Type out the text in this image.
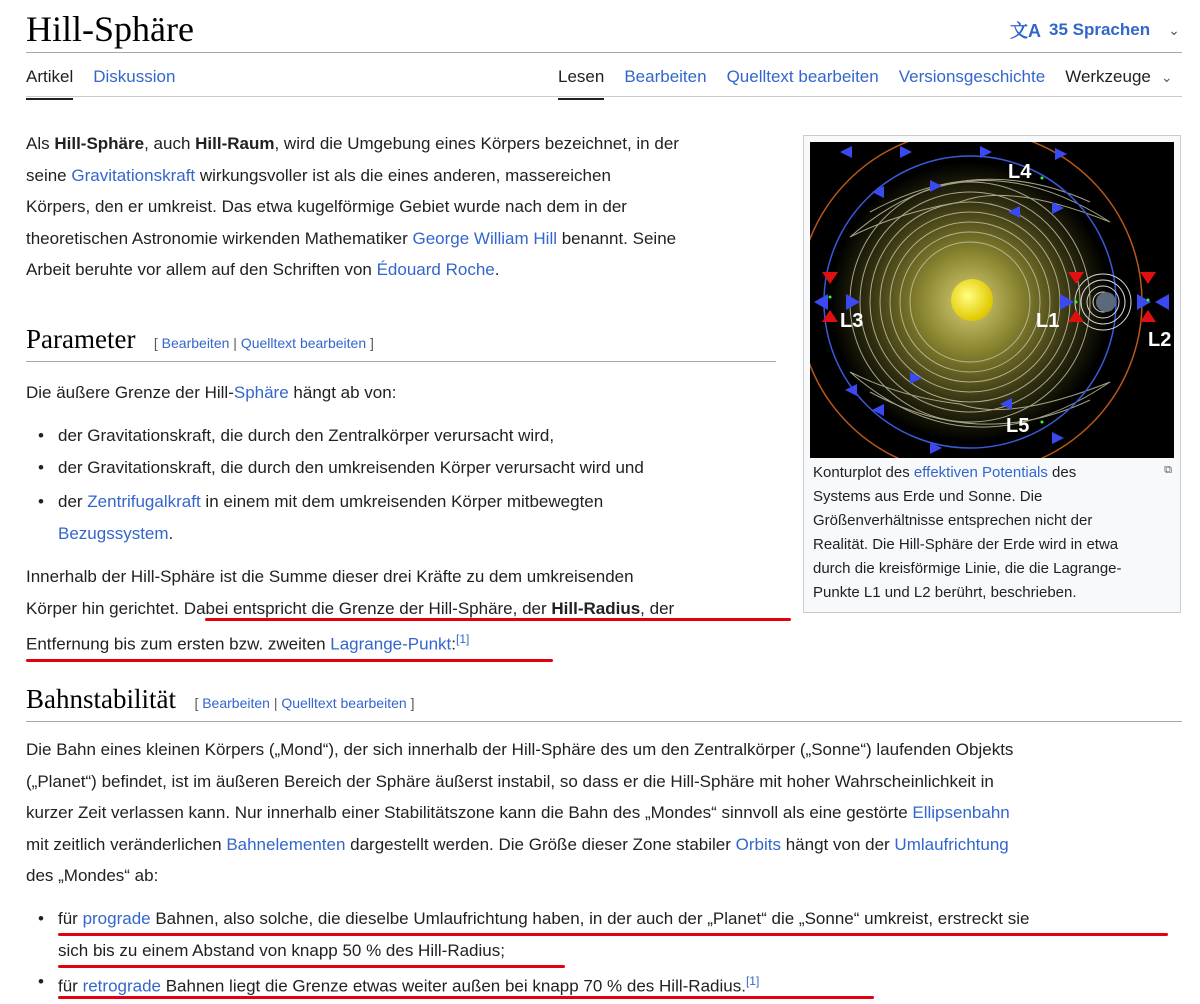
Hill-Sphäre	文A 35 Sprachen ⌄
Artikel Diskussion	Lesen Bearbeiten Quelltext bearbeiten Versionsgeschichte Werkzeuge ⌄
Als Hill-Sphäre, auch Hill-Raum, wird die Umgebung eines Körpers bezeichnet, in der
seine Gravitationskraft wirkungsvoller ist als die eines anderen, massereichen
Körpers, den er umkreist. Das etwa kugelförmige Gebiet wurde nach dem in der
theoretischen Astronomie wirkenden Mathematiker George William Hill benannt. Seine
Arbeit beruhte vor allem auf den Schriften von Édouard Roche.
Parameter [ Bearbeiten | Quelltext bearbeiten ]
Die äußere Grenze der Hill-Sphäre hängt ab von:
• der Gravitationskraft, die durch den Zentralkörper verursacht wird,
• der Gravitationskraft, die durch den umkreisenden Körper verursacht wird und
• der Zentrifugalkraft in einem mit dem umkreisenden Körper mitbewegten
Bezugssystem.
Innerhalb der Hill-Sphäre ist die Summe dieser drei Kräfte zu dem umkreisenden
Körper hin gerichtet. Dabei entspricht die Grenze der Hill-Sphäre, der Hill-Radius, der
Entfernung bis zum ersten bzw. zweiten Lagrange-Punkt:[1]
L4
L3	L1
L2
L5
⧉
Konturplot des effektiven Potentials des
Systems aus Erde und Sonne. Die
Größenverhältnisse entsprechen nicht der
Realität. Die Hill-Sphäre der Erde wird in etwa
durch die kreisförmige Linie, die die Lagrange-
Punkte L1 und L2 berührt, beschrieben.
Bahnstabilität [ Bearbeiten | Quelltext bearbeiten ]
Die Bahn eines kleinen Körpers („Mond“), der sich innerhalb der Hill-Sphäre des um den Zentralkörper („Sonne“) laufenden Objekts
(„Planet“) befindet, ist im äußeren Bereich der Sphäre äußerst instabil, so dass er die Hill-Sphäre mit hoher Wahrscheinlichkeit in
kurzer Zeit verlassen kann. Nur innerhalb einer Stabilitätszone kann die Bahn des „Mondes“ sinnvoll als eine gestörte Ellipsenbahn
mit zeitlich veränderlichen Bahnelementen dargestellt werden. Die Größe dieser Zone stabiler Orbits hängt von der Umlaufrichtung
des „Mondes“ ab:
• für prograde Bahnen, also solche, die dieselbe Umlaufrichtung haben, in der auch der „Planet“ die „Sonne“ umkreist, erstreckt sie
sich bis zu einem Abstand von knapp 50 % des Hill-Radius;
• für retrograde Bahnen liegt die Grenze etwas weiter außen bei knapp 70 % des Hill-Radius.[1]
